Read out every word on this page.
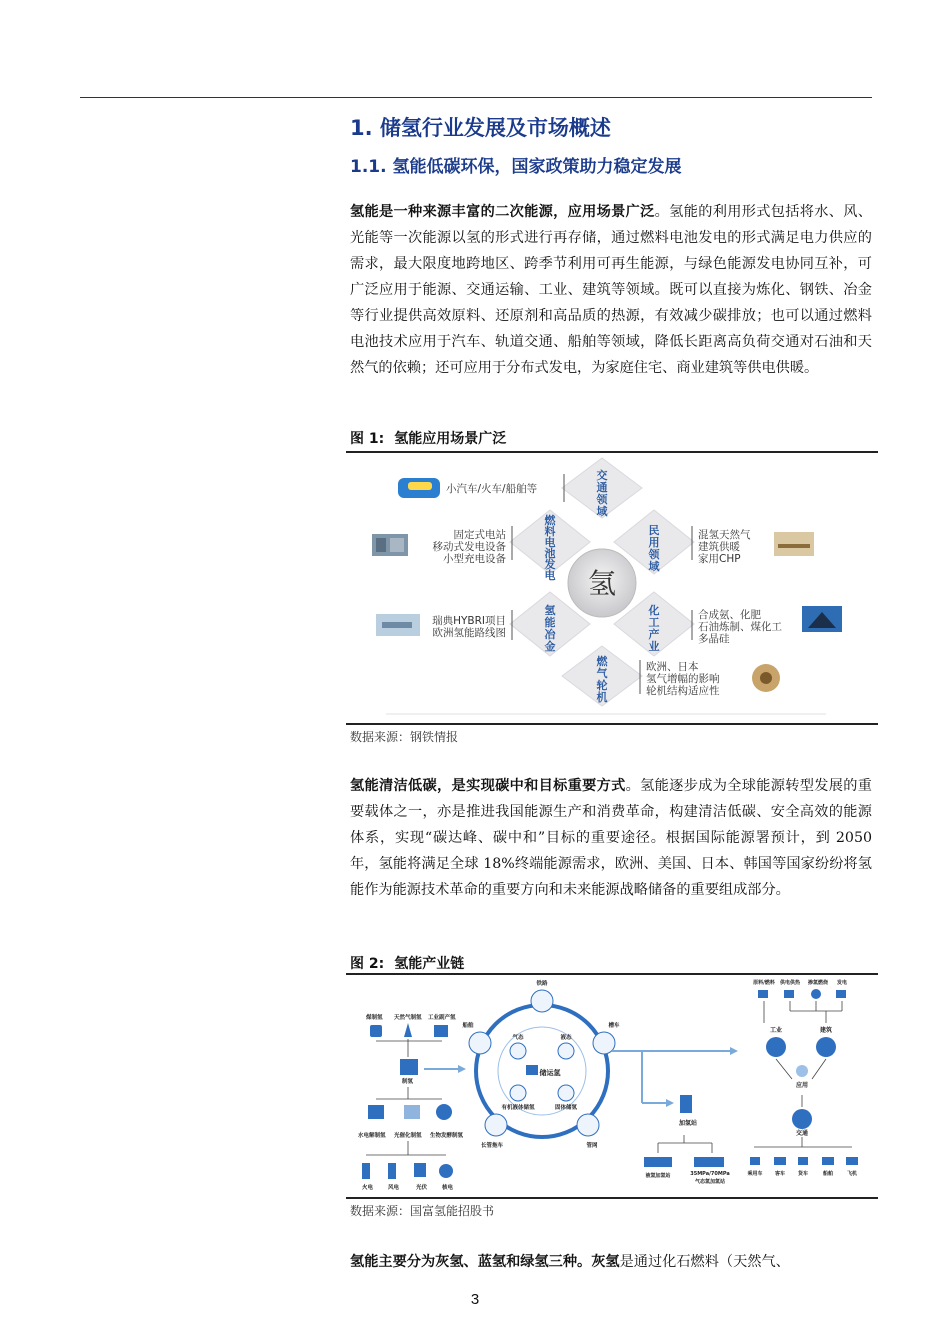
1. 储氢行业发展及市场概述
1.1. 氢能低碳环保，国家政策助力稳定发展
氢能是一种来源丰富的二次能源，应用场景广泛。氢能的利用形式包括将水、风、光能等一次能源以氢的形式进行再存储，通过燃料电池发电的形式满足电力供应的需求，最大限度地跨地区、跨季节利用可再生能源，与绿色能源发电协同互补，可广泛应用于能源、交通运输、工业、建筑等领域。既可以直接为炼化、钢铁、冶金等行业提供高效原料、还原剂和高品质的热源，有效减少碳排放；也可以通过燃料电池技术应用于汽车、轨道交通、船舶等领域，降低长距离高负荷交通对石油和天然气的依赖；还可应用于分布式发电，为家庭住宅、商业建筑等供电供暖。
图 1: 氢能应用场景广泛
氢
交通领域
燃料电池发电
民用领域
氢能冶金
化工产业
燃气轮机
小汽车/火车/船舶等
固定式电站
移动式发电设备
小型充电设备
混氢天然气
建筑供暖
家用CHP
瑞典HYBRI项目
欧洲氢能路线图
合成氨、化肥
石油炼制、煤化工
多晶硅
欧洲、日本
氢气增幅的影响
轮机结构适应性
数据来源：钢铁情报
氢能清洁低碳，是实现碳中和目标重要方式。氢能逐步成为全球能源转型发展的重要载体之一，亦是推进我国能源生产和消费革命，构建清洁低碳、安全高效的能源体系，实现“碳达峰、碳中和”目标的重要途径。根据国际能源署预计，到 2050 年，氢能将满足全球 18%终端能源需求，欧洲、美国、日本、韩国等国家纷纷将氢能作为能源技术革命的重要方向和未来能源战略储备的重要组成部分。
图 2: 氢能产业链
煤制氢 天然气制氢 工业副产氢
制氢
水电解制氢 光催化制氢 生物发酵制氢
火电	风电	光伏	核电
铁路
船舶	槽车
长管拖车	管网
气态	液态
有机液体储氢	固体储氢
储运氢
原料/燃料 供电供热 掺氢燃烧 发电
工业	建筑
应用
交通
加氢站
液氢加氢站	35MPa/70MPa
气态氢加氢站
乘用车 客车	货车	船舶	飞机
数据来源：国富氢能招股书
氢能主要分为灰氢、蓝氢和绿氢三种。灰氢是通过化石燃料（天然气、
3
